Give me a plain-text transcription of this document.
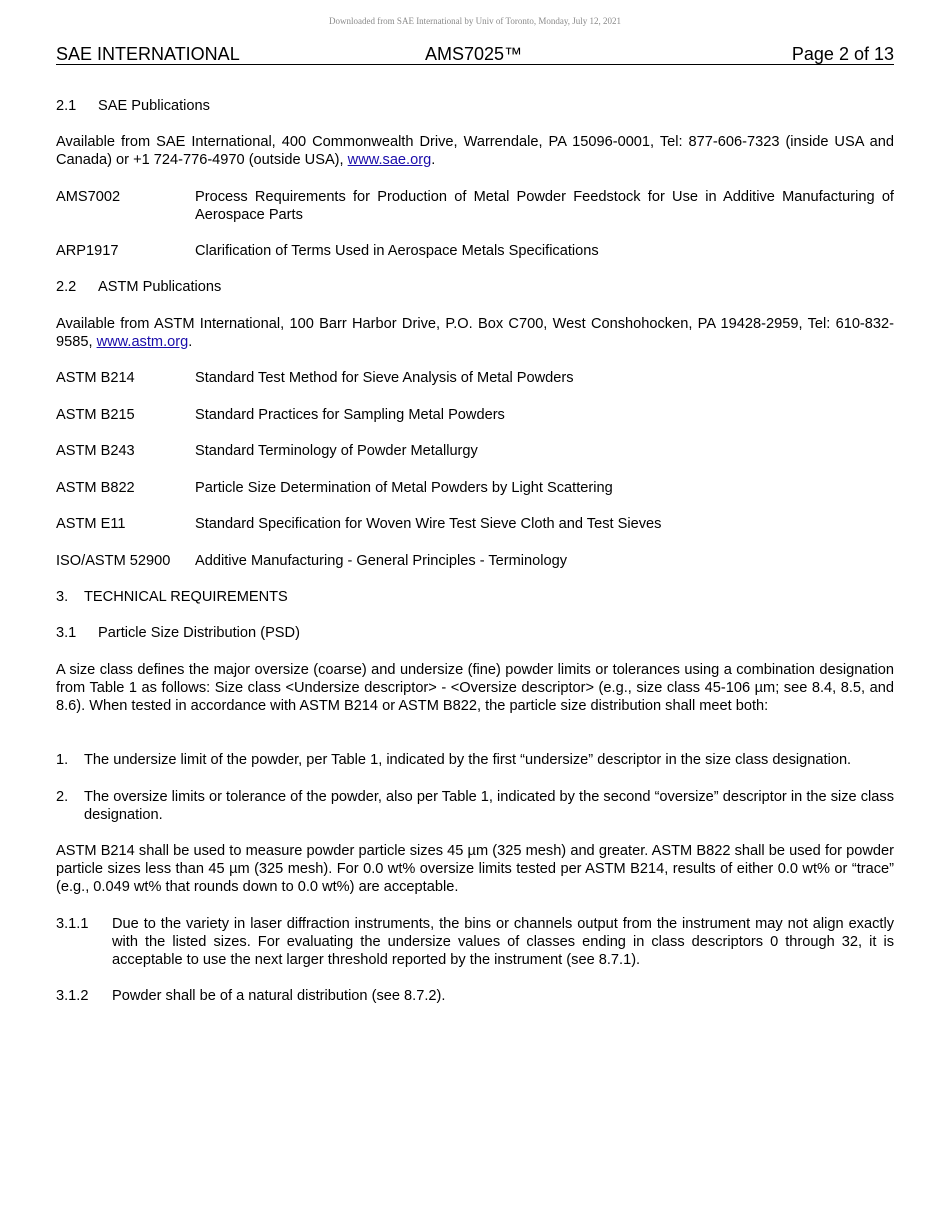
Downloaded from SAE International by Univ of Toronto, Monday, July 12, 2021
SAE INTERNATIONAL	AMS7025™	Page 2 of 13
2.1	SAE Publications
Available from SAE International, 400 Commonwealth Drive, Warrendale, PA 15096-0001, Tel: 877-606-7323 (inside USA and Canada) or +1 724-776-4970 (outside USA), www.sae.org.
AMS7002	Process Requirements for Production of Metal Powder Feedstock for Use in Additive Manufacturing of Aerospace Parts
ARP1917	Clarification of Terms Used in Aerospace Metals Specifications
2.2	ASTM Publications
Available from ASTM International, 100 Barr Harbor Drive, P.O. Box C700, West Conshohocken, PA 19428-2959, Tel: 610-832-9585, www.astm.org.
ASTM B214	Standard Test Method for Sieve Analysis of Metal Powders
ASTM B215	Standard Practices for Sampling Metal Powders
ASTM B243	Standard Terminology of Powder Metallurgy
ASTM B822	Particle Size Determination of Metal Powders by Light Scattering
ASTM E11	Standard Specification for Woven Wire Test Sieve Cloth and Test Sieves
ISO/ASTM 52900	Additive Manufacturing - General Principles - Terminology
3.	TECHNICAL REQUIREMENTS
3.1	Particle Size Distribution (PSD)
A size class defines the major oversize (coarse) and undersize (fine) powder limits or tolerances using a combination designation from Table 1 as follows: Size class <Undersize descriptor> - <Oversize descriptor> (e.g., size class 45-106 µm; see 8.4, 8.5, and 8.6). When tested in accordance with ASTM B214 or ASTM B822, the particle size distribution shall meet both:
1.	The undersize limit of the powder, per Table 1, indicated by the first “undersize” descriptor in the size class designation.
2.	The oversize limits or tolerance of the powder, also per Table 1, indicated by the second “oversize” descriptor in the size class designation.
ASTM B214 shall be used to measure powder particle sizes 45 µm (325 mesh) and greater. ASTM B822 shall be used for powder particle sizes less than 45 µm (325 mesh). For 0.0 wt% oversize limits tested per ASTM B214, results of either 0.0 wt% or “trace” (e.g., 0.049 wt% that rounds down to 0.0 wt%) are acceptable.
3.1.1	Due to the variety in laser diffraction instruments, the bins or channels output from the instrument may not align exactly with the listed sizes. For evaluating the undersize values of classes ending in class descriptors 0 through 32, it is acceptable to use the next larger threshold reported by the instrument (see 8.7.1).
3.1.2	Powder shall be of a natural distribution (see 8.7.2).
